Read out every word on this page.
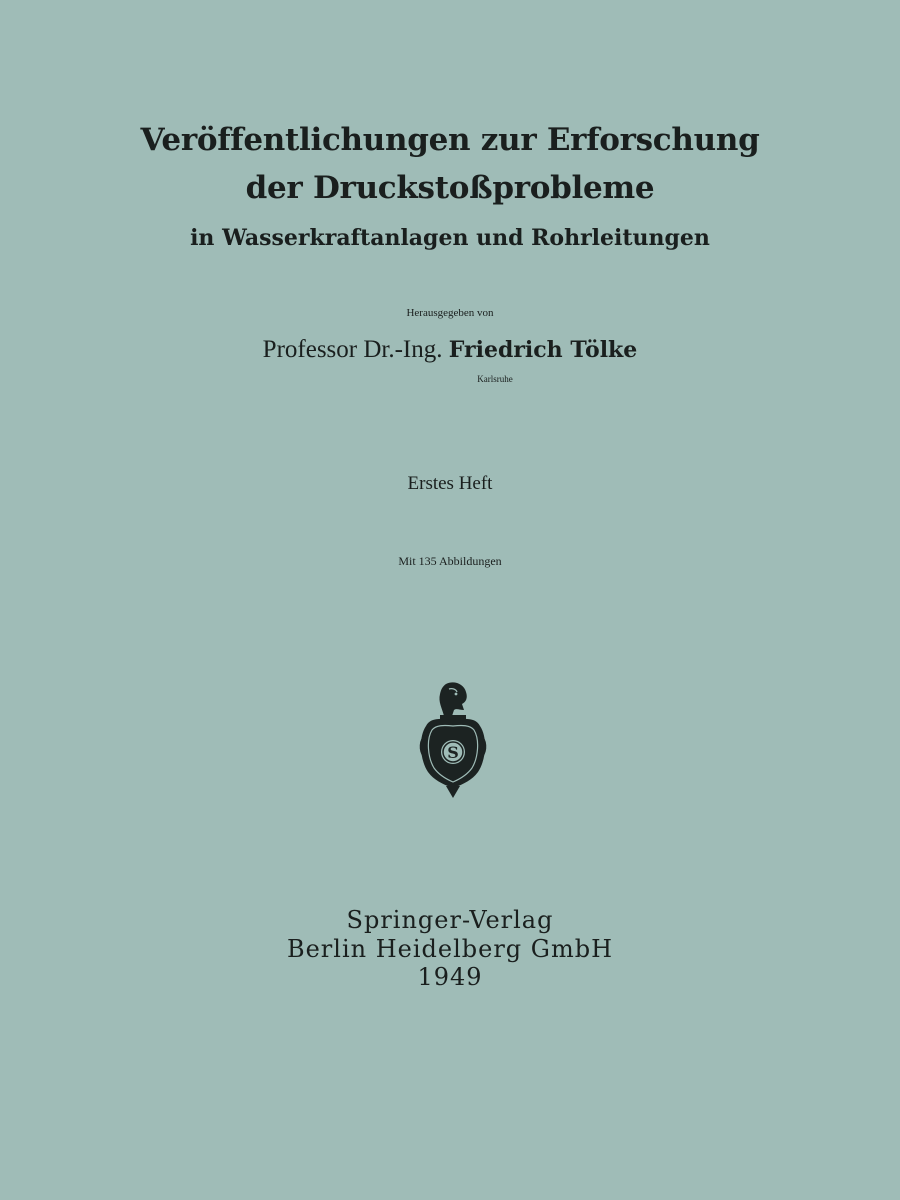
Veröffentlichungen zur Erforschung
der Druckstoßprobleme
in Wasserkraftanlagen und Rohrleitungen
Herausgegeben von
Professor Dr.-Ing. Friedrich Tölke
Karlsruhe
Erstes Heft
Mit 135 Abbildungen
S
Springer-Verlag
Berlin Heidelberg GmbH
1949
